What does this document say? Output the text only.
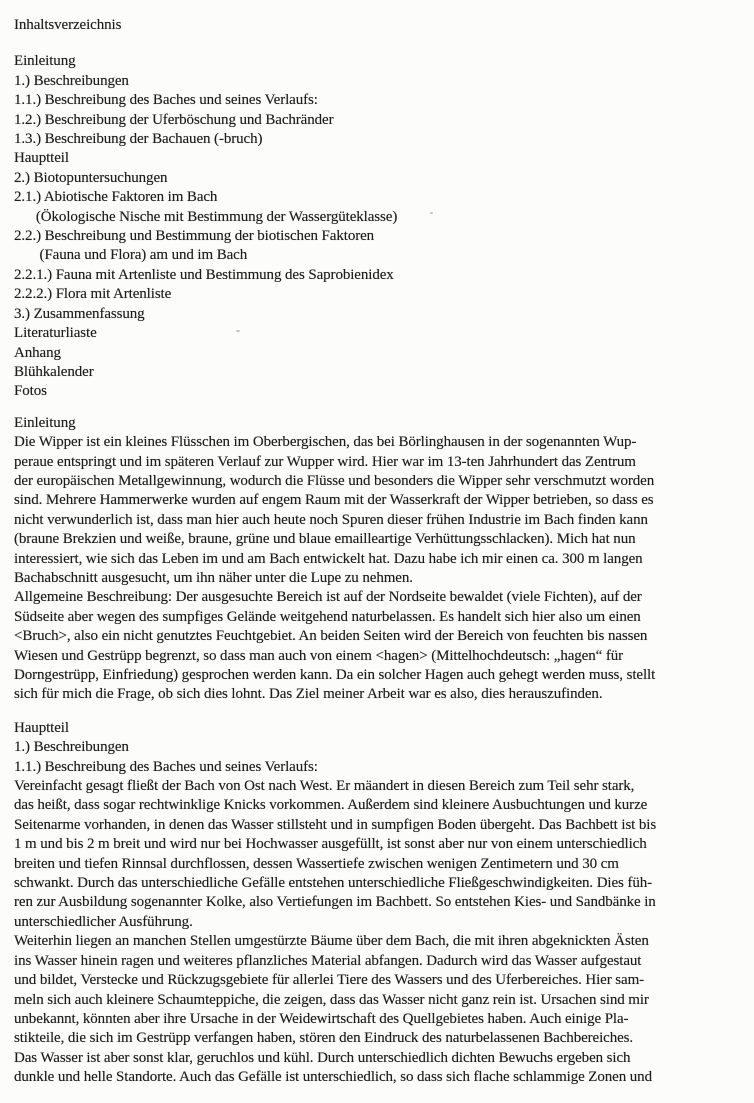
Inhaltsverzeichnis
Einleitung
1.) Beschreibungen
1.1.) Beschreibung des Baches und seines Verlaufs:
1.2.) Beschreibung der Uferböschung und Bachränder
1.3.) Beschreibung der Bachauen (-bruch)
Hauptteil
2.) Biotopuntersuchungen
2.1.) Abiotische Faktoren im Bach
(Ökologische Nische mit Bestimmung der Wassergüteklasse)
2.2.) Beschreibung und Bestimmung der biotischen Faktoren
(Fauna und Flora) am und im Bach
2.2.1.) Fauna mit Artenliste und Bestimmung des Saprobienidex
2.2.2.) Flora mit Artenliste
3.) Zusammenfassung
Literaturliaste
Anhang
Blühkalender
Fotos
Einleitung
Die Wipper ist ein kleines Flüsschen im Oberbergischen, das bei Börlinghausen in der sogenannten Wup-
peraue entspringt und im späteren Verlauf zur Wupper wird. Hier war im 13-ten Jahrhundert das Zentrum
der europäischen Metallgewinnung, wodurch die Flüsse und besonders die Wipper sehr verschmutzt worden
sind. Mehrere Hammerwerke wurden auf engem Raum mit der Wasserkraft der Wipper betrieben, so dass es
nicht verwunderlich ist, dass man hier auch heute noch Spuren dieser frühen Industrie im Bach finden kann
(braune Brekzien und weiße, braune, grüne und blaue emailleartige Verhüttungsschlacken). Mich hat nun
interessiert, wie sich das Leben im und am Bach entwickelt hat. Dazu habe ich mir einen ca. 300 m langen
Bachabschnitt ausgesucht, um ihn näher unter die Lupe zu nehmen.
Allgemeine Beschreibung: Der ausgesuchte Bereich ist auf der Nordseite bewaldet (viele Fichten), auf der
Südseite aber wegen des sumpfiges Gelände weitgehend naturbelassen. Es handelt sich hier also um einen
<Bruch>, also ein nicht genutztes Feuchtgebiet. An beiden Seiten wird der Bereich von feuchten bis nassen
Wiesen und Gestrüpp begrenzt, so dass man auch von einem <hagen> (Mittelhochdeutsch: „hagen“ für
Dorngestrüpp, Einfriedung) gesprochen werden kann. Da ein solcher Hagen auch gehegt werden muss, stellt
sich für mich die Frage, ob sich dies lohnt. Das Ziel meiner Arbeit war es also, dies herauszufinden.
Hauptteil
1.) Beschreibungen
1.1.) Beschreibung des Baches und seines Verlaufs:
Vereinfacht gesagt fließt der Bach von Ost nach West. Er mäandert in diesen Bereich zum Teil sehr stark,
das heißt, dass sogar rechtwinklige Knicks vorkommen. Außerdem sind kleinere Ausbuchtungen und kurze
Seitenarme vorhanden, in denen das Wasser stillsteht und in sumpfigen Boden übergeht. Das Bachbett ist bis
1 m und bis 2 m breit und wird nur bei Hochwasser ausgefüllt, ist sonst aber nur von einem unterschiedlich
breiten und tiefen Rinnsal durchflossen, dessen Wassertiefe zwischen wenigen Zentimetern und 30 cm
schwankt. Durch das unterschiedliche Gefälle entstehen unterschiedliche Fließgeschwindigkeiten. Dies füh-
ren zur Ausbildung sogenannter Kolke, also Vertiefungen im Bachbett. So entstehen Kies- und Sandbänke in
unterschiedlicher Ausführung.
Weiterhin liegen an manchen Stellen umgestürzte Bäume über dem Bach, die mit ihren abgeknickten Ästen
ins Wasser hinein ragen und weiteres pflanzliches Material abfangen. Dadurch wird das Wasser aufgestaut
und bildet, Verstecke und Rückzugsgebiete für allerlei Tiere des Wassers und des Uferbereiches. Hier sam-
meln sich auch kleinere Schaumteppiche, die zeigen, dass das Wasser nicht ganz rein ist. Ursachen sind mir
unbekannt, könnten aber ihre Ursache in der Weidewirtschaft des Quellgebietes haben. Auch einige Pla-
stikteile, die sich im Gestrüpp verfangen haben, stören den Eindruck des naturbelassenen Bachbereiches.
Das Wasser ist aber sonst klar, geruchlos und kühl. Durch unterschiedlich dichten Bewuchs ergeben sich
dunkle und helle Standorte. Auch das Gefälle ist unterschiedlich, so dass sich flache schlammige Zonen und
